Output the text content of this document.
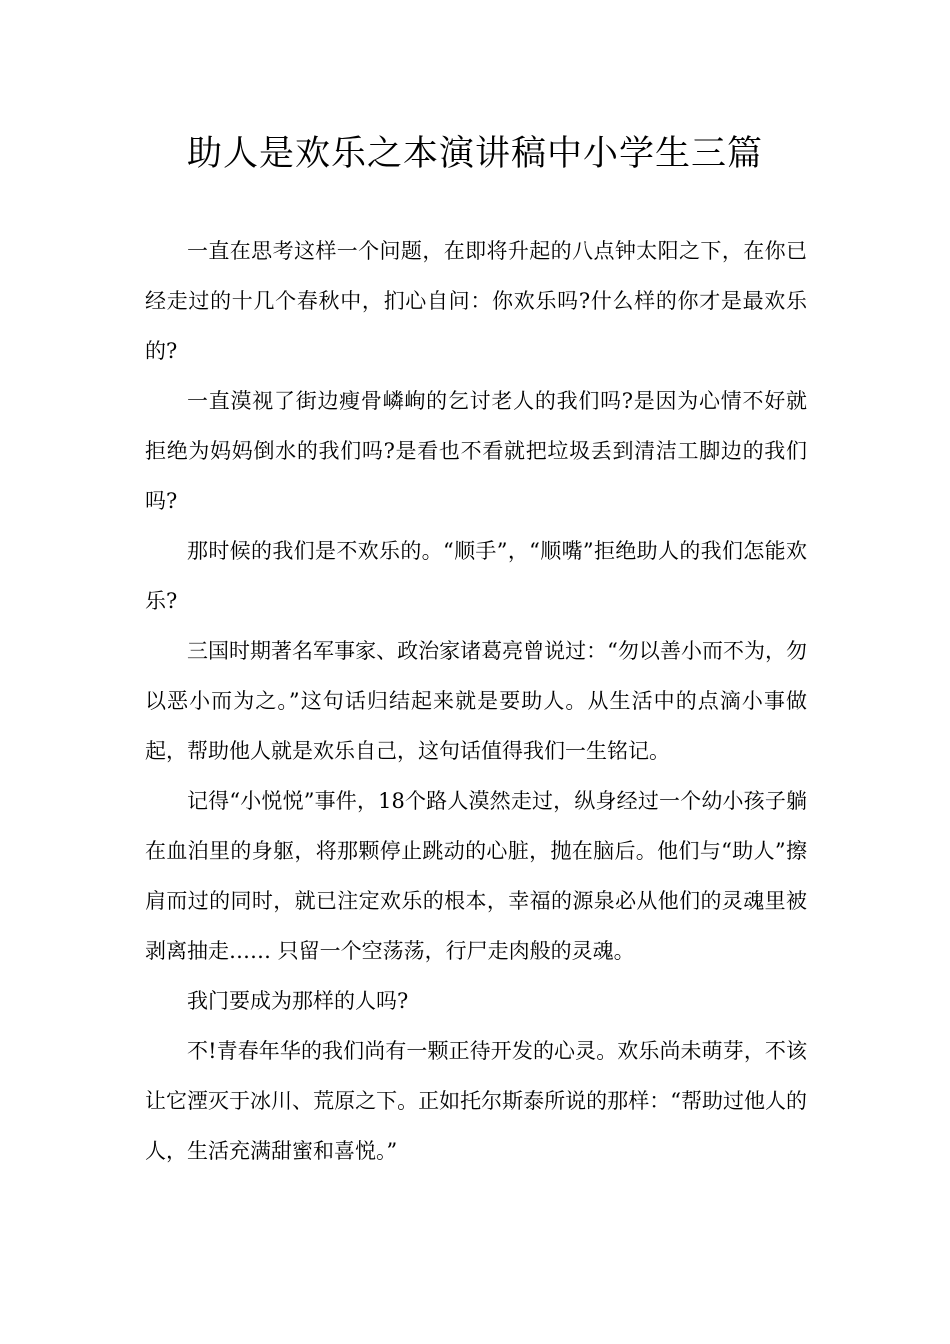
助人是欢乐之本演讲稿中小学生三篇

一直在思考这样一个问题，在即将升起的八点钟太阳之下，在你已经走过的十几个春秋中，扪心自问：你欢乐吗?什么样的你才是最欢乐的?

一直漠视了街边瘦骨嶙峋的乞讨老人的我们吗?是因为心情不好就拒绝为妈妈倒水的我们吗?是看也不看就把垃圾丢到清洁工脚边的我们吗?

那时候的我们是不欢乐的。“顺手”，“顺嘴”拒绝助人的我们怎能欢乐?

三国时期著名军事家、政治家诸葛亮曾说过：“勿以善小而不为，勿以恶小而为之。”这句话归结起来就是要助人。从生活中的点滴小事做起，帮助他人就是欢乐自己，这句话值得我们一生铭记。

记得“小悦悦”事件，18个路人漠然走过，纵身经过一个幼小孩子躺在血泊里的身躯，将那颗停止跳动的心脏，抛在脑后。他们与“助人”擦肩而过的同时，就已注定欢乐的根本，幸福的源泉必从他们的灵魂里被剥离抽走…… 只留一个空荡荡，行尸走肉般的灵魂。

我门要成为那样的人吗?

不!青春年华的我们尚有一颗正待开发的心灵。欢乐尚未萌芽，不该让它湮灭于冰川、荒原之下。正如托尔斯泰所说的那样：“帮助过他人的人，生活充满甜蜜和喜悦。”
